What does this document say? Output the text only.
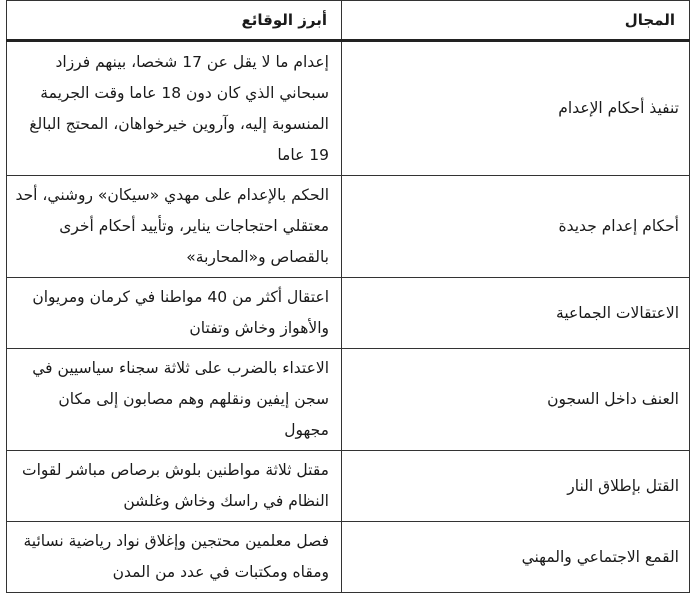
المجال	أبرز الوقائع
تنفيذ أحكام الإعدام	إعدام ما لا يقل عن 17 شخصا، بينهم فرزاد سبحاني الذي كان دون 18 عاما وقت الجريمة المنسوبة إليه، وآروين خيرخواهان، المحتج البالغ 19 عاما
أحكام إعدام جديدة	الحكم بالإعدام على مهدي «سيكان» روشني، أحد معتقلي احتجاجات يناير، وتأييد أحكام أخرى بالقصاص و«المحاربة»
الاعتقالات الجماعية	اعتقال أكثر من 40 مواطنا في كرمان ومريوان والأهواز وخاش وتفتان
العنف داخل السجون	الاعتداء بالضرب على ثلاثة سجناء سياسيين في سجن إيفين ونقلهم وهم مصابون إلى مكان مجهول
القتل بإطلاق النار	مقتل ثلاثة مواطنين بلوش برصاص مباشر لقوات النظام في راسك وخاش وغلشن
القمع الاجتماعي والمهني	فصل معلمين محتجين وإغلاق نواد رياضية نسائية ومقاه ومكتبات في عدد من المدن
